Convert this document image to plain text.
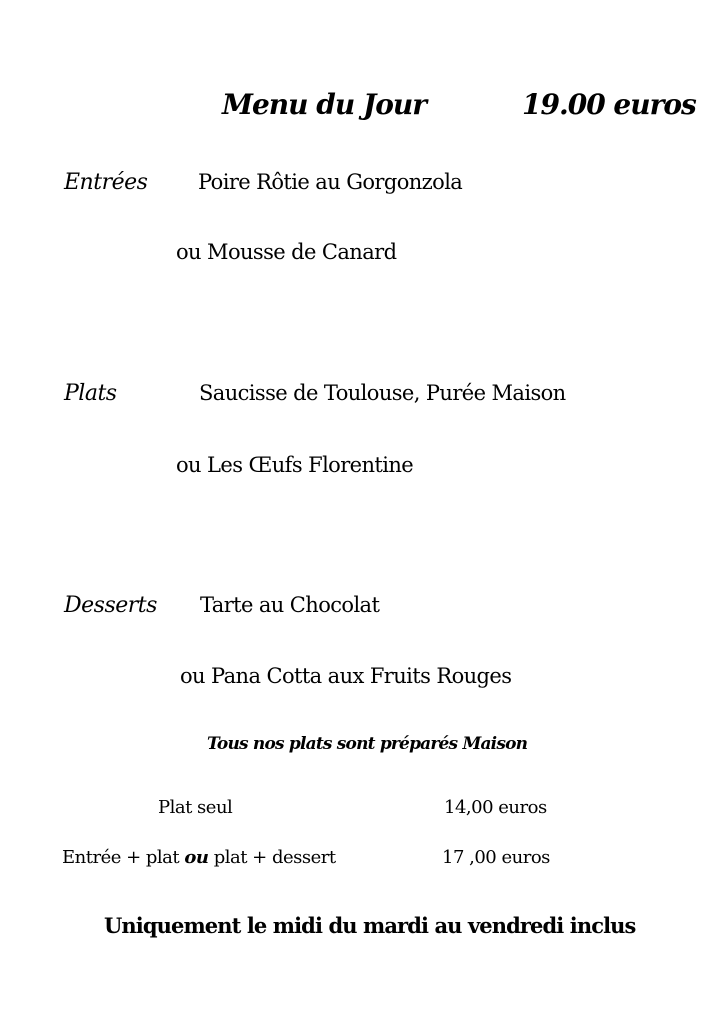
Menu du Jour	19.00 euros
Entrées Poire Rôtie au Gorgonzola
ou Mousse de Canard
Plats	Saucisse de Toulouse, Purée Maison
ou Les Œufs Florentine
Desserts Tarte au Chocolat
ou Pana Cotta aux Fruits Rouges
Tous nos plats sont préparés Maison
Plat seul	14,00 euros
Entrée + plat ou plat + dessert	17 ,00 euros
Uniquement le midi du mardi au vendredi inclus
